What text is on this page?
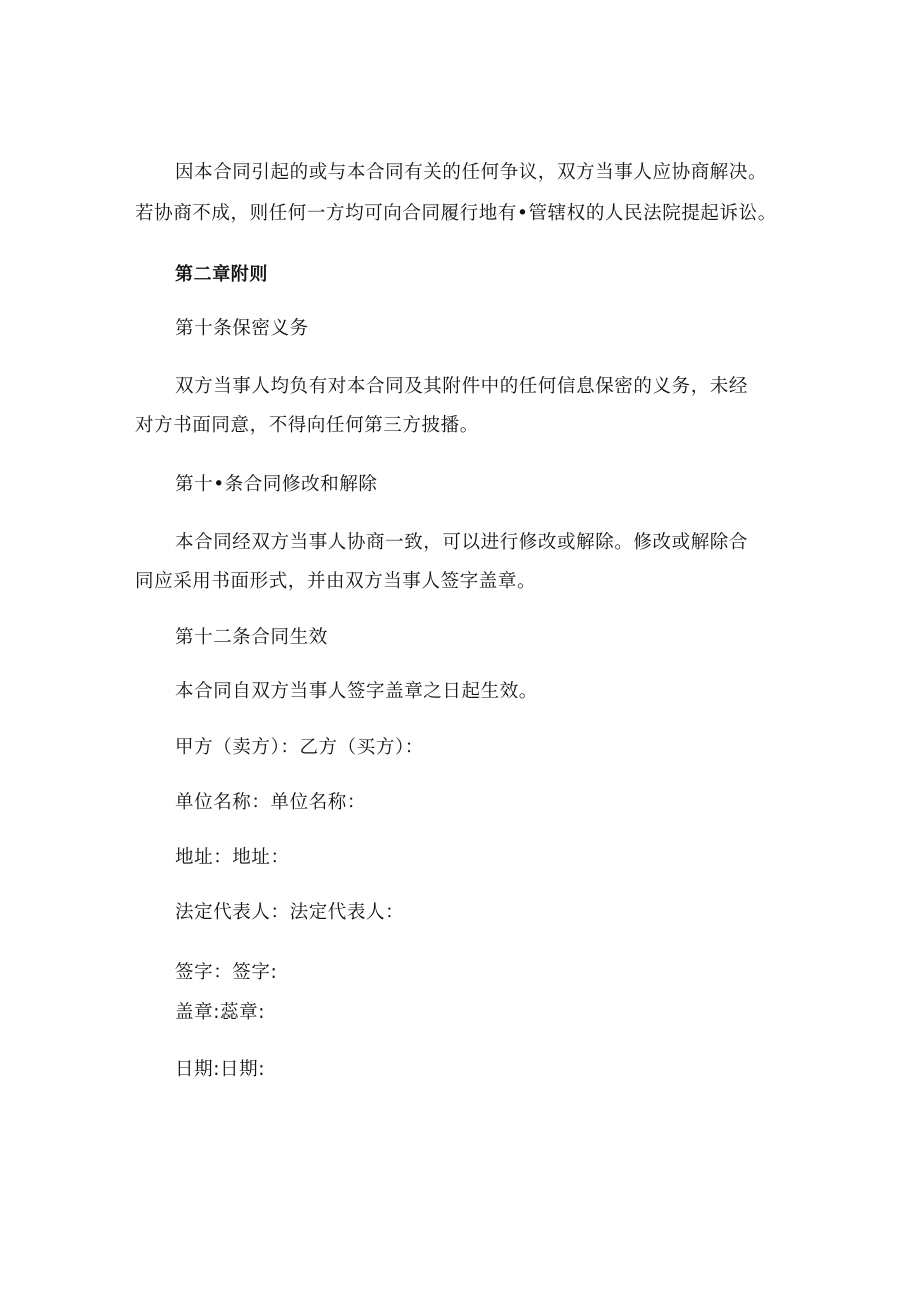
因本合同引起的或与本合同有关的任何争议，双方当事人应协商解决。

若协商不成，则任何一方均可向合同履行地有•管辖权的人民法院提起诉讼。

第二章附则

第十条保密义务

双方当事人均负有对本合同及其附件中的任何信息保密的义务，未经

对方书面同意，不得向任何第三方披播。

第十•条合同修改和解除

本合同经双方当事人协商一致，可以进行修改或解除。修改或解除合

同应采用书面形式，并由双方当事人签字盖章。

第十二条合同生效

本合同自双方当事人签字盖章之日起生效。

甲方（卖方）：乙方（买方）：

单位名称：单位名称：

地址：地址：

法定代表人：法定代表人：

签字：签字:

盖章:蕊章:

日期:日期:
